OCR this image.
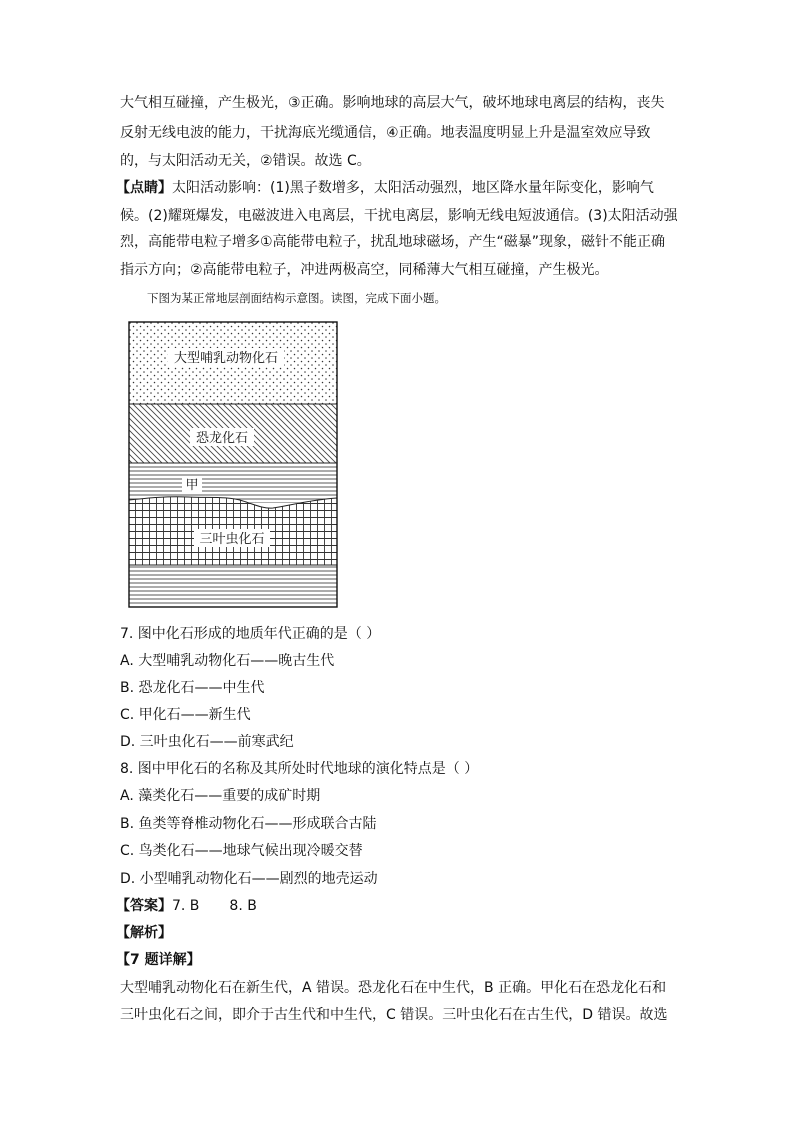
大气相互碰撞，产生极光，③正确。影响地球的高层大气，破坏地球电离层的结构，丧失
反射无线电波的能力，干扰海底光缆通信，④正确。地表温度明显上升是温室效应导致
的，与太阳活动无关，②错误。故选 C。
【点睛】太阳活动影响：(1)黑子数增多，太阳活动强烈，地区降水量年际变化，影响气
候。(2)耀斑爆发，电磁波进入电离层，干扰电离层，影响无线电短波通信。(3)太阳活动强
烈，高能带电粒子增多①高能带电粒子，扰乱地球磁场，产生“磁暴”现象，磁针不能正确
指示方向；②高能带电粒子，冲进两极高空，同稀薄大气相互碰撞，产生极光。
下图为某正常地层剖面结构示意图。读图，完成下面小题。
大型哺乳动物化石
恐龙化石
甲
三叶虫化石
7. 图中化石形成的地质年代正确的是（ ）
A. 大型哺乳动物化石——晚古生代
B. 恐龙化石——中生代
C. 甲化石——新生代
D. 三叶虫化石——前寒武纪
8. 图中甲化石的名称及其所处时代地球的演化特点是（ ）
A. 藻类化石——重要的成矿时期
B. 鱼类等脊椎动物化石——形成联合古陆
C. 鸟类化石——地球气候出现冷暖交替
D. 小型哺乳动物化石——剧烈的地壳运动
【答案】7. B 8. B
【解析】
【7 题详解】
大型哺乳动物化石在新生代，A 错误。恐龙化石在中生代，B 正确。甲化石在恐龙化石和
三叶虫化石之间，即介于古生代和中生代，C 错误。三叶虫化石在古生代，D 错误。故选
